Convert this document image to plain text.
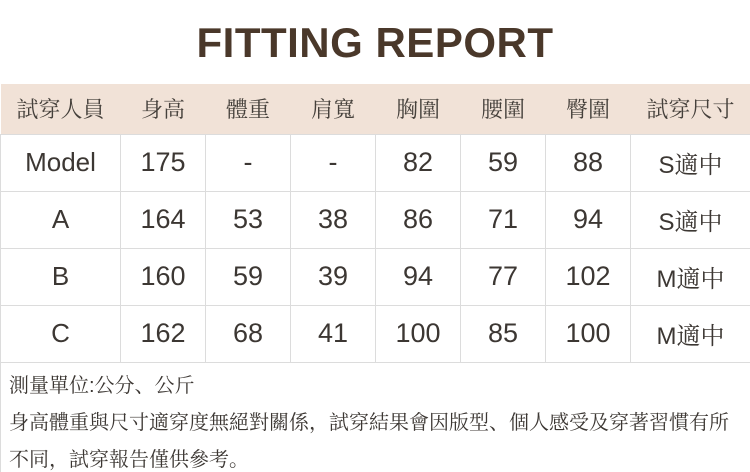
FITTING REPORT
試穿人員	身高	體重	肩寬	胸圍	腰圍	臀圍	試穿尺寸
Model	175	-	-	82	59	88	S適中
A	164	53	38	86	71	94	S適中
B	160	59	39	94	77	102	M適中
C	162	68	41	100	85	100	M適中

測量單位:公分、公斤
身高體重與尺寸適穿度無絕對關係，試穿結果會因版型、個人感受及穿著習慣有所不同，試穿報告僅供參考。							
